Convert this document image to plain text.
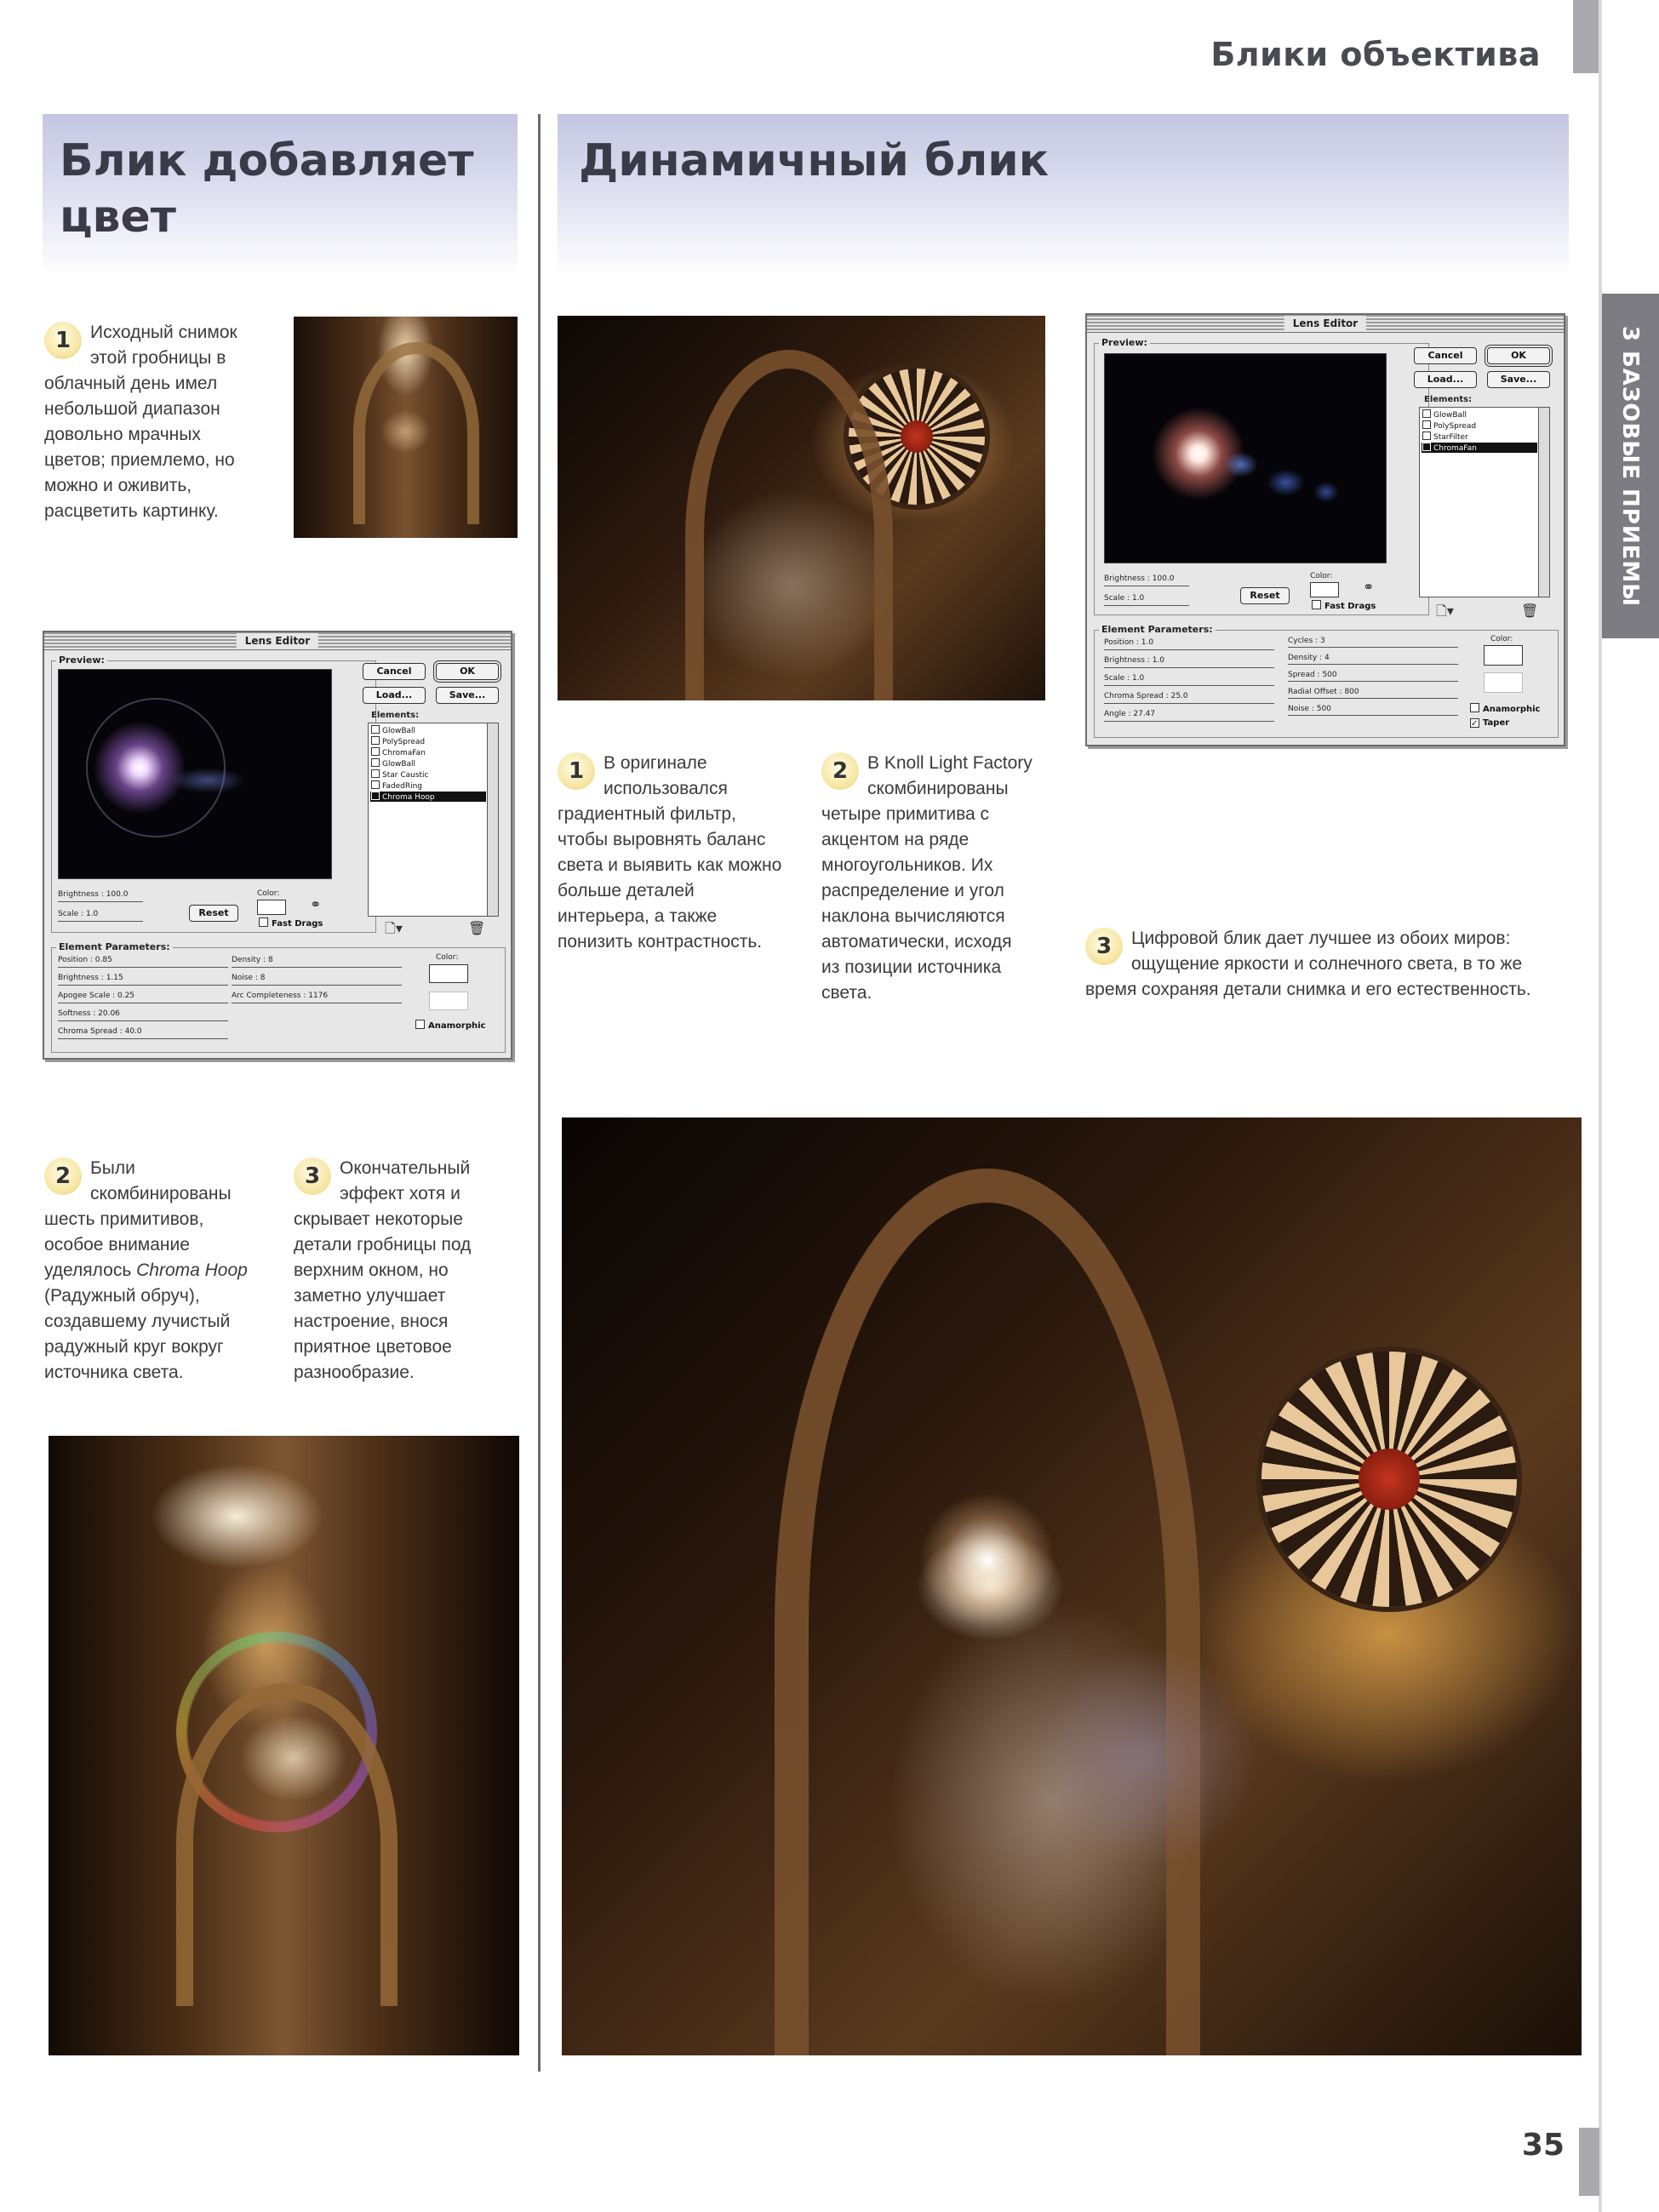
Блики объектива
3 БАЗОВЫЕ ПРИЕМЫ
Блик добавляет цвет
Динамичный блик
1	Исходный снимок этой гробницы в облачный день имел небольшой диапазон довольно мрачных цветов; приемлемо, но можно и оживить, расцветить картинку.
Lens Editor
Preview:
Brightness : 100.0
Scale : 1.0	Reset
Color:
⚭
Fast Drags
Cancel	OK
Load...	Save...
Elements:
GlowBall
PolySpread
ChromaFan
GlowBall
Star Caustic
FadedRing
Chroma Hoop
🗋▾	🗑
Element Parameters:
Position : 0.85
Brightness : 1.15
Apogee Scale : 0.25
Softness : 20.06
Chroma Spread : 40.0
Density : 8
Noise : 8
Arc Completeness : 1176
Color:
Anamorphic
2	Были скомбинированы шесть примитивов, особое внимание уделялось Chroma Hoop (Радужный обруч), создавшему лучистый радужный круг вокруг источника света.
3	Окончательный эффект хотя и скрывает некоторые детали гробницы под верхним окном, но заметно улучшает настроение, внося приятное цветовое разнообразие.
Lens Editor
Preview:
Brightness : 100.0
Scale : 1.0	Reset
Color:
⚭
Fast Drags
Cancel	OK
Load...	Save...
Elements:
GlowBall
PolySpread
StarFilter
ChromaFan
🗋▾	🗑
Element Parameters:
Position : 1.0
Brightness : 1.0
Scale : 1.0
Chroma Spread : 25.0
Angle : 27.47
Cycles : 3
Density : 4
Spread : 500
Radial Offset : 800
Noise : 500
Color:
Anamorphic
✓ Taper
1	В оригинале использовался градиентный фильтр, чтобы выровнять баланс света и выявить как можно больше деталей интерьера, а также понизить контрастность.
2	В Knoll Light Factory скомбинированы четыре примитива с акцентом на ряде многоугольников. Их распределение и угол наклона вычисляются автоматически, исходя из позиции источника света.
3	Цифровой блик дает лучшее из обоих миров: ощущение яркости и солнечного света, в то же время сохраняя детали снимка и его естественность.
35
